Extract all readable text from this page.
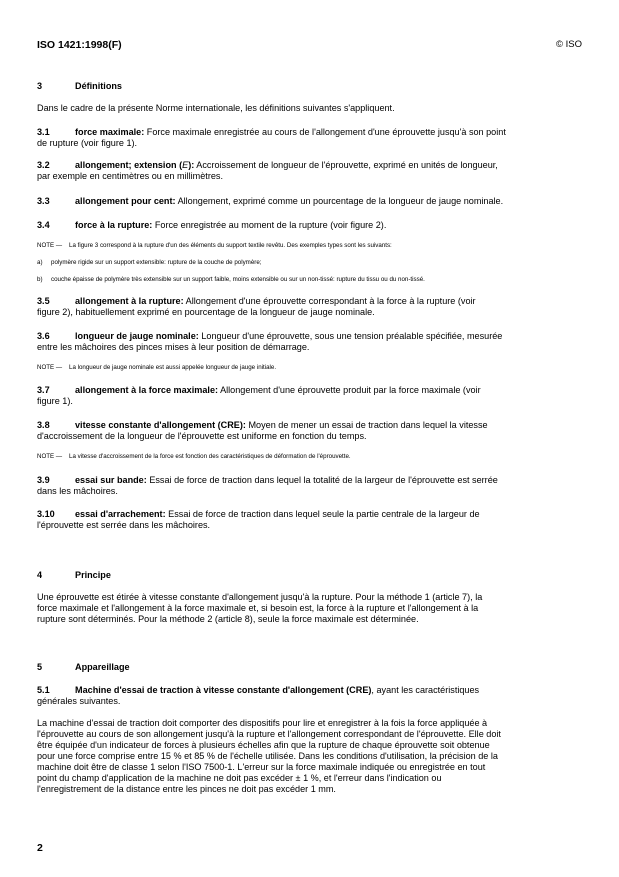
ISO 1421:1998(F)	© ISO
3	Définitions
Dans le cadre de la présente Norme internationale, les définitions suivantes s'appliquent.
3.1	force maximale: Force maximale enregistrée au cours de l'allongement d'une éprouvette jusqu'à son point
de rupture (voir figure 1).
3.2	allongement; extension (E): Accroissement de longueur de l'éprouvette, exprimé en unités de longueur,
par exemple en centimètres ou en millimètres.
3.3	allongement pour cent: Allongement, exprimé comme un pourcentage de la longueur de jauge nominale.
3.4	force à la rupture: Force enregistrée au moment de la rupture (voir figure 2).
NOTE — La figure 3 correspond à la rupture d'un des éléments du support textile revêtu. Des exemples types sont les suivants:
a) polymère rigide sur un support extensible: rupture de la couche de polymère;
b) couche épaisse de polymère très extensible sur un support faible, moins extensible ou sur un non-tissé: rupture du tissu ou du non-tissé.
3.5	allongement à la rupture: Allongement d'une éprouvette correspondant à la force à la rupture (voir
figure 2), habituellement exprimé en pourcentage de la longueur de jauge nominale.
3.6	longueur de jauge nominale: Longueur d'une éprouvette, sous une tension préalable spécifiée, mesurée
entre les mâchoires des pinces mises à leur position de démarrage.
NOTE — La longueur de jauge nominale est aussi appelée longueur de jauge initiale.
3.7	allongement à la force maximale: Allongement d'une éprouvette produit par la force maximale (voir
figure 1).
3.8	vitesse constante d'allongement (CRE): Moyen de mener un essai de traction dans lequel la vitesse
d'accroissement de la longueur de l'éprouvette est uniforme en fonction du temps.
NOTE — La vitesse d'accroissement de la force est fonction des caractéristiques de déformation de l'éprouvette.
3.9	essai sur bande: Essai de force de traction dans lequel la totalité de la largeur de l'éprouvette est serrée
dans les mâchoires.
3.10 essai d'arrachement: Essai de force de traction dans lequel seule la partie centrale de la largeur de
l'éprouvette est serrée dans les mâchoires.
4	Principe
Une éprouvette est étirée à vitesse constante d'allongement jusqu'à la rupture. Pour la méthode 1 (article 7), la
force maximale et l'allongement à la force maximale et, si besoin est, la force à la rupture et l'allongement à la
rupture sont déterminés. Pour la méthode 2 (article 8), seule la force maximale est déterminée.
5	Appareillage
5.1	Machine d'essai de traction à vitesse constante d'allongement (CRE), ayant les caractéristiques
générales suivantes.
La machine d'essai de traction doit comporter des dispositifs pour lire et enregistrer à la fois la force appliquée à
l'éprouvette au cours de son allongement jusqu'à la rupture et l'allongement correspondant de l'éprouvette. Elle doit
être équipée d'un indicateur de forces à plusieurs échelles afin que la rupture de chaque éprouvette soit obtenue
pour une force comprise entre 15 % et 85 % de l'échelle utilisée. Dans les conditions d'utilisation, la précision de la
machine doit être de classe 1 selon l'ISO 7500-1. L'erreur sur la force maximale indiquée ou enregistrée en tout
point du champ d'application de la machine ne doit pas excéder ± 1 %, et l'erreur dans l'indication ou
l'enregistrement de la distance entre les pinces ne doit pas excéder 1 mm.
2
